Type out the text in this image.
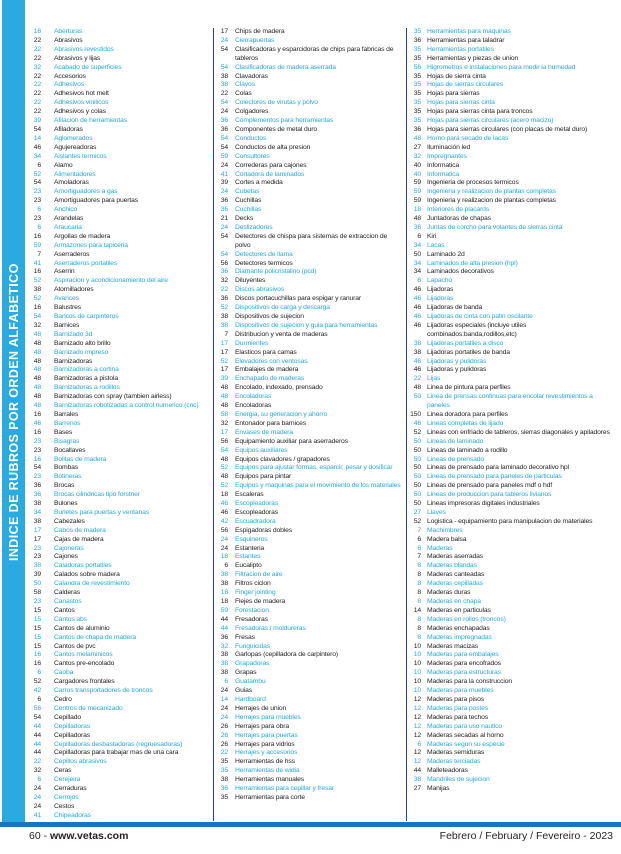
INDICE DE RUBROS POR ORDEN ALFABETICO
16 Aberturas
22 Abrasivos
22 Abrasivos revestidos
22 Abrasivos y lijas
32 Acabado de superficies
22 Accesorios
22 Adhesivos
22 Adhesivos hot melt
22 Adhesivos vinilicos
22 Adhesivos y colas
39 Afilacion de herramientas
54 Afiladoras
14 Aglomerados
46 Agujereadoras
34 Aislantes termicos
6 Alamo
52 Alimentadores
54 Amoladoras
23 Amortiguadores a gas
23 Amortiguadores para puertas
6 Anchico
23 Arandelas
6 Araucaria
16 Argollas de madera
59 Armazones para tapiceria
7 Aserraderos
41 Aserraderos portatiles
16 Aserrin
52 Aspiracion y acondicionamiento del aire
38 Atornilladores
52 Avances
16 Balustres
54 Bancos de carpinteros
32 Barnices
48 Barnizado 3d
48 Barnizado alto brillo
48 Barnizado impreso
48 Barnizadoras
48 Barnizadoras a cortina
48 Barnizadoras a pistola
48 Barnizadoras a rodillos
48 Barnizadoras con spray (tambien airless)
48 Barnizadoras robotizadas a control numerico (cnc)
16 Barrales
46 Barrenos
16 Bases
23 Bisagras
23 Bocallaves
16 Bolitas de madera
54 Bombas
23 Botineras
36 Brocas
36 Brocas cilindricas tipo forstner
38 Bulones
34 Burletes para puertas y ventanas
38 Cabezales
17 Cabos de madera
17 Cajas de madera
23 Cajoneras
23 Cajones
38 Caladoras portatiles
39 Calados sobre madera
50 Calandra de revestimiento
58 Calderas
23 Canastos
15 Cantos
15 Cantos abs
15 Cantos de aluminio
15 Cantos de chapa de madera
15 Cantos de pvc
16 Cantos melaminicos
16 Cantos pre-encolado
6 Caoba
52 Cargadores frontales
42 Carros transportadores de troncos
6 Cedro
56 Centros de mecanizado
54 Cepillado
44 Cepilladoras
44 Cepilladoras
44 Cepilladoras desbastadoras (regruesadoras)
44 Cepilladoras para trabajar mas de una cara
22 Cepillos abrasivos
32 Ceras
6 Cerejeira
24 Cerraduras
24 Cerrojos
24 Cestos
41 Chipeadoras
17 Chips de madera
24 Cierrapuertas
54 Clasificadoras y esparcidoras de chips para fabricas de tableros
54 Clasificadoras de madera aserrada
38 Clavadoras
38 Clavos
22 Colas
54 Colectores de virutas y polvo
24 Colgadores
36 Complementos para herramientas
36 Componentes de metal duro
54 Conductos
54 Conductos de alta presion
59 Consultores
24 Correderas para cajones
41 Cortadora de laminados
39 Cortes a medida
24 Cubetas
36 Cuchillas
36 Cuchillas
21 Decks
24 Deslizadores
54 Detectores de chispa para sistemas de extraccion de polvo
54 Detectores de llama
56 Detectores termicos
36 Diamante policristalino (pcd)
32 Diluyentes
22 Discos abrasivos
36 Discos portacuchillas para espigar y ranurar
52 Dispositivos de carga y descarga
38 Dispositivos de sujecion
38 Dispositivos de sujecion y guia para herramientas
7 Distribucion y venta de maderas
17 Durmientes
17 Elasticos para camas
52 Elevadores con ventosas
17 Embalajes de madera
39 Enchapado de maderas
48 Encolado, indexado, prensado
48 Encoladoras
48 Encoladoras
58 Energia, su generacion y ahorro
32 Entonador para barnices
17 Envases de madera
56 Equipamiento auxiliar para aserraderos
54 Equipos auxiliares
48 Equipos clavadores / grapadores
52 Equipos para ajustar formas, esparcir, pesar y dosificar
48 Equipos para pintar
52 Equipos y maquinas para el movimiento de los materiales
18 Escaleras
46 Escopleadoras
46 Escopleadoras
42 Escuadradora
56 Espigadoras dobles
24 Esquineros
24 Estanteria
18 Estantes
6 Eucalipto
38 Filtracion de aire
38 Filtros ciclon
18 Finger jointing
18 Flejes de madera
59 Forestacion
44 Fresadoras
44 Fresadoras / moldureras
36 Fresas
32 Funguicidas
38 Garlopas (cepilladora de carpintero)
38 Grapadoras
38 Grapas
6 Guatambu
24 Guias
14 Hardboard
24 Herrajes de union
24 Herrajes para muebles
26 Herrajes para obra
26 Herrajes para puertas
26 Herrajes para vidrios
22 Herrajes y accesorios
35 Herramientas de hss
35 Herramientas de widia
38 Herramientas manuales
36 Herramientas para cepillar y fresar
35 Herramientas para corte
35 Herramientas para maquinas
36 Herramientas para taladrar
35 Herramientas portatiles
35 Herramientas y piezas de union
56 Higrometros e instalaciones para medir la humedad
35 Hojas de sierra cinta
35 Hojas de sierras circulares
35 Hojas para sierras
35 Hojas para sierras cinta
35 Hojas para sierras cinta para troncos
35 Hojas para sierras circulares (acero macizo)
36 Hojas para sierras circulares (con placas de metal duro)
48 Horno para secado de lacas
27 Iluminación led
32 Impregnantes
40 Informatica
40 Informatica
59 Ingenieria de procesos termicos
59 Ingenieria y realizacion de plantas completas
59 Ingenieria y realizacion de plantas completas
18 Interiores de placards
48 Juntadoras de chapas
36 Juntas de corcho para volantes de sierras cinta
6 Kiri
34 Lacas
50 Laminado 2d
34 Laminados de alta presion (hpl)
34 Laminados decorativos
6 Lapacho
46 Lijadoras
46 Lijadoras
46 Lijadoras de banda
46 Lijadoras de cinta con patin oscilante
46 Lijadoras especiales (incluye utiles combinados:banda,rodillos,etc)
38 Lijadoras portatiles a disco
38 Lijadoras portatiles de banda
46 Lijadoras y pulidoras
46 Lijadoras y pulidoras
22 Lijas
48 Linea de pintura para perfiles
50 Linea de prensas continuas para encolar revestimientos a paneles
150 Linea doradora para perfiles
46 Lineas completas de lijado
52 Lineas con enfriado de tableros, sierras diagonales y apiladores
50 Lineas de laminado
50 Lineas de laminado a rodillo
50 Lineas de prensado
50 Lineas de prensado para laminado decorativo hpl
50 Lineas de prensado para paneles de particulas
50 Lineas de prensado para paneles mdf o hdf
50 Lineas de produccion para tableros livianos
50 Lineas impresoras digitales industriales
27 Llaves
52 Logistica - equipamiento para manipulacion de materiales
7 Machimbres
6 Madera balsa
6 Maderas
7 Maderas aserradas
8 Maderas blandas
8 Maderas canteadas
8 Maderas cepilladas
8 Maderas duras
8 Maderas en chapa
14 Maderas en particulas
8 Maderas en rollos (troncos)
8 Maderas enchapadas
8 Maderas impregnadas
10 Maderas macizas
10 Maderas para embalajes
10 Maderas para encofrados
10 Maderas para estructuras
10 Maderas para la construccion
10 Maderas para muebles
12 Maderas para pisos
12 Maderas para postes
12 Maderas para techos
12 Maderas para uso nautico
12 Maderas secadas al horno
6 Maderas segun su especie
12 Maderas semiduras
12 Maderas terciadas
44 Malleteadoras
38 Mandriles de sujecion
27 Manijas
60 - www.vetas.com	Febrero / February / Fevereiro - 2023
